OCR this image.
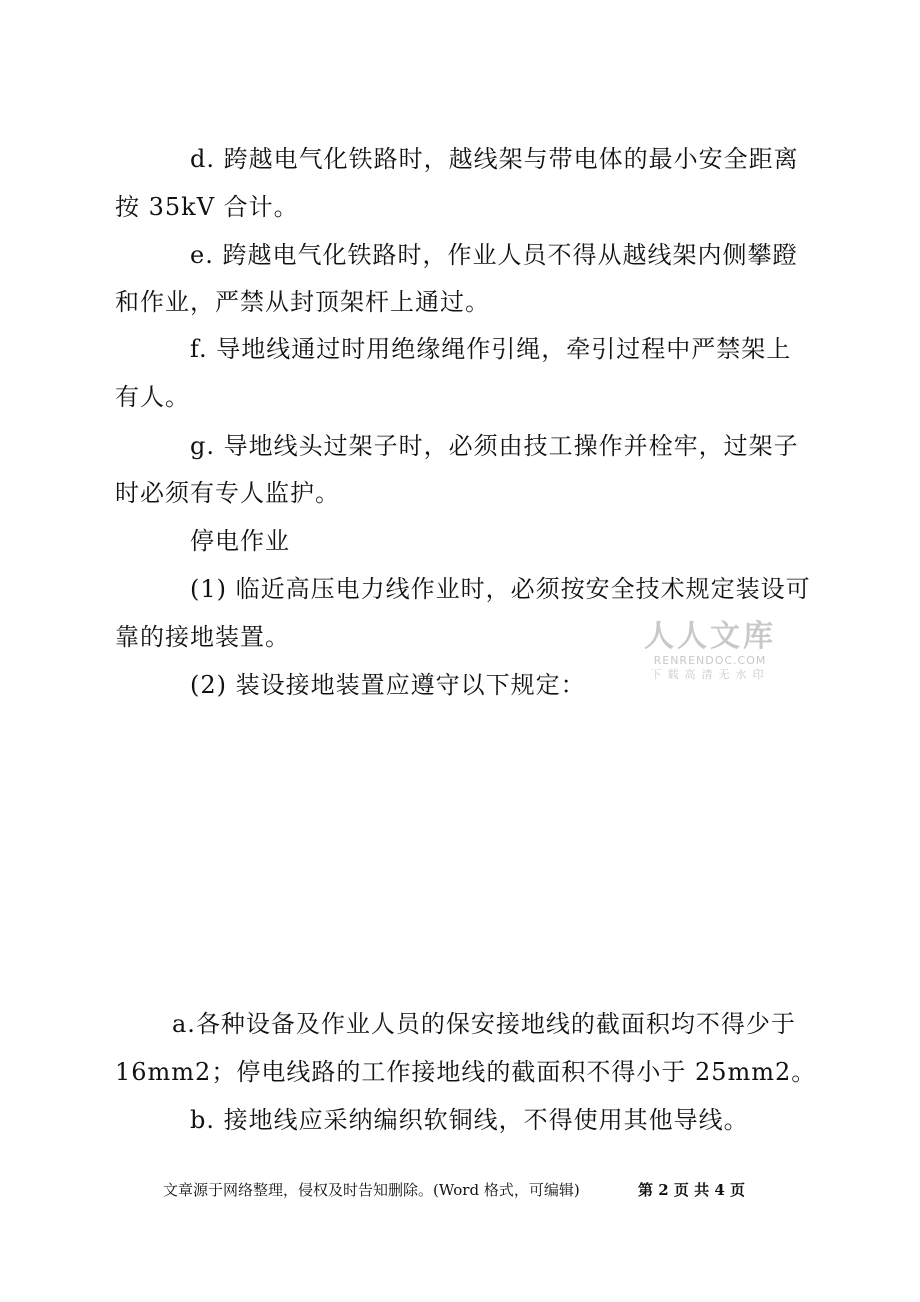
d. 跨越电气化铁路时，越线架与带电体的最小安全距离
按 35kV 合计。
e. 跨越电气化铁路时，作业人员不得从越线架内侧攀蹬
和作业，严禁从封顶架杆上通过。
f. 导地线通过时用绝缘绳作引绳，牵引过程中严禁架上
有人。
g. 导地线头过架子时，必须由技工操作并栓牢，过架子
时必须有专人监护。
停电作业
(1) 临近高压电力线作业时，必须按安全技术规定装设可
靠的接地装置。
(2) 装设接地装置应遵守以下规定：
人人文库
RENRENDOC.COM
下载高清无水印
a.各种设备及作业人员的保安接地线的截面积均不得少于
16mm2；停电线路的工作接地线的截面积不得小于 25mm2。
b. 接地线应采纳编织软铜线，不得使用其他导线。
文章源于网络整理，侵权及时告知删除。(Word 格式，可编辑)	第 2 页 共 4 页
